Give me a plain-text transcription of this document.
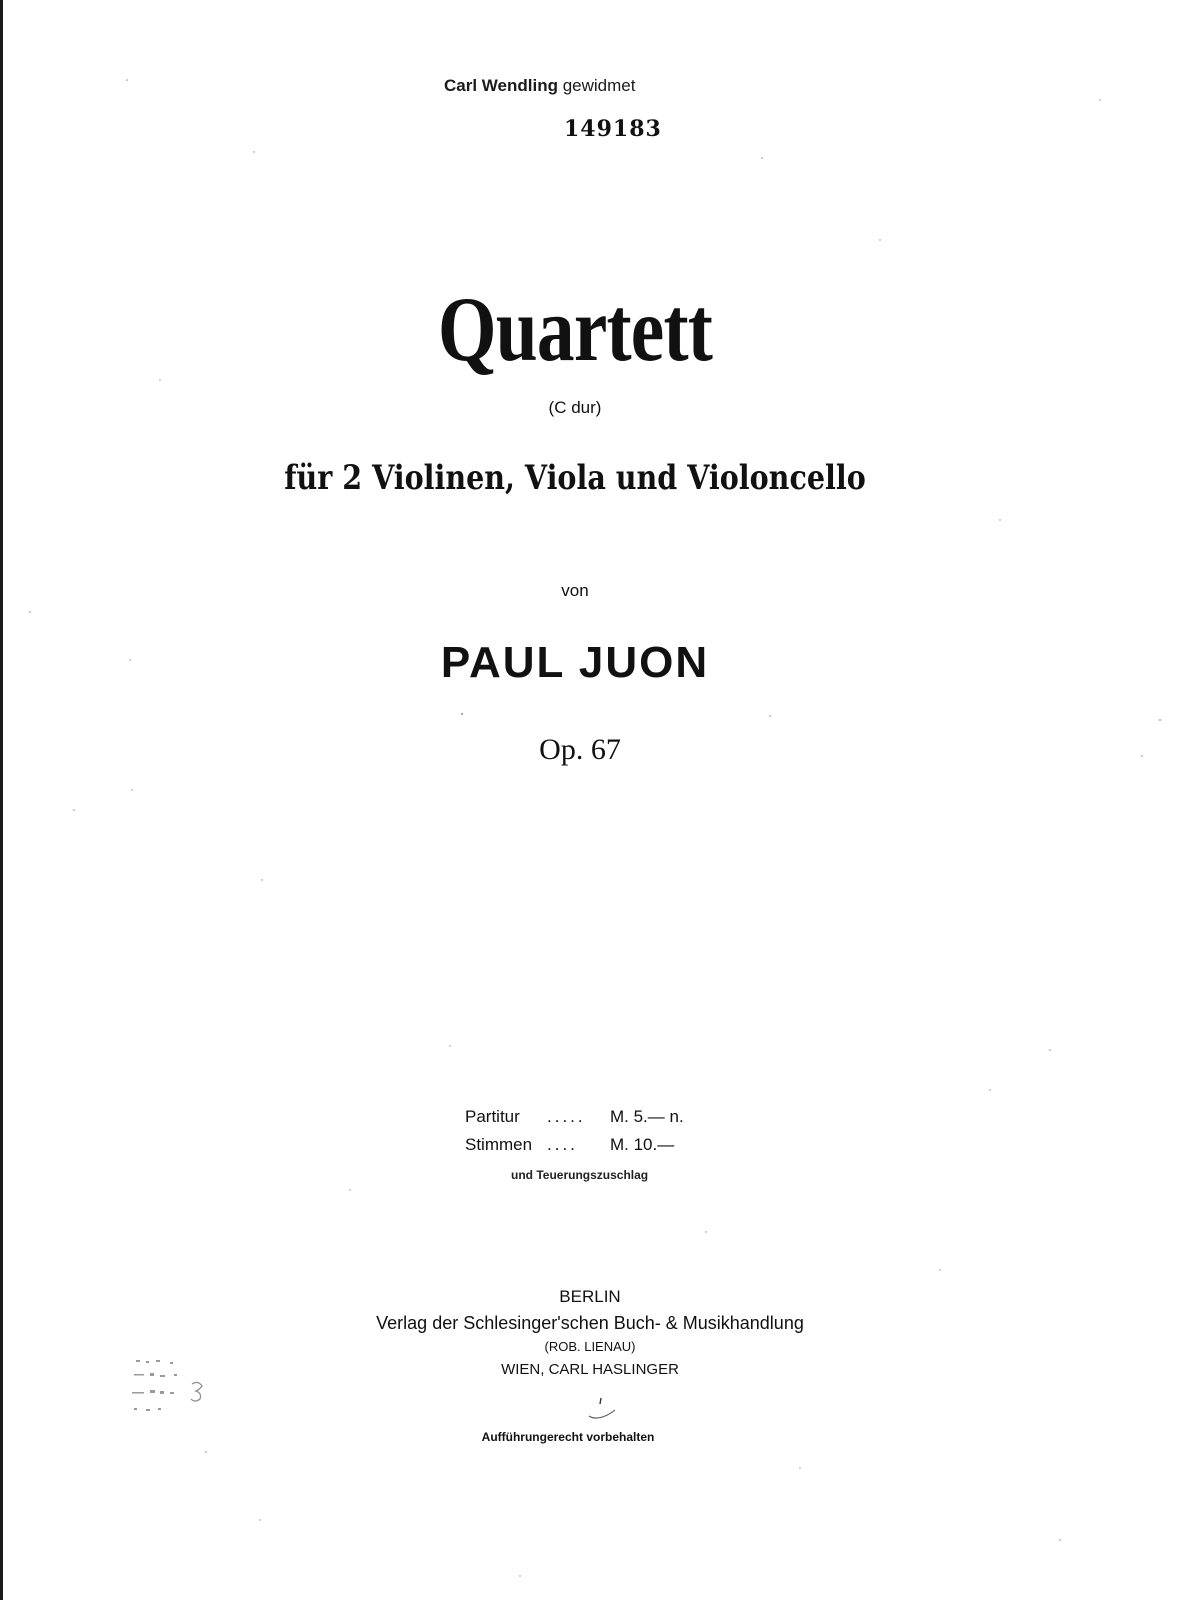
Carl Wendling gewidmet

149183

Quartett

(C dur)

für 2 Violinen, Viola und Violoncello

von

PAUL JUON

Op. 67

Partitur ..... M. 5.— n.
Stimmen .... M. 10.—

und Teuerungszuschlag

BERLIN
Verlag der Schlesinger'schen Buch- & Musikhandlung
(ROB. LIENAU)
WIEN, CARL HASLINGER

Aufführungerecht vorbehalten
